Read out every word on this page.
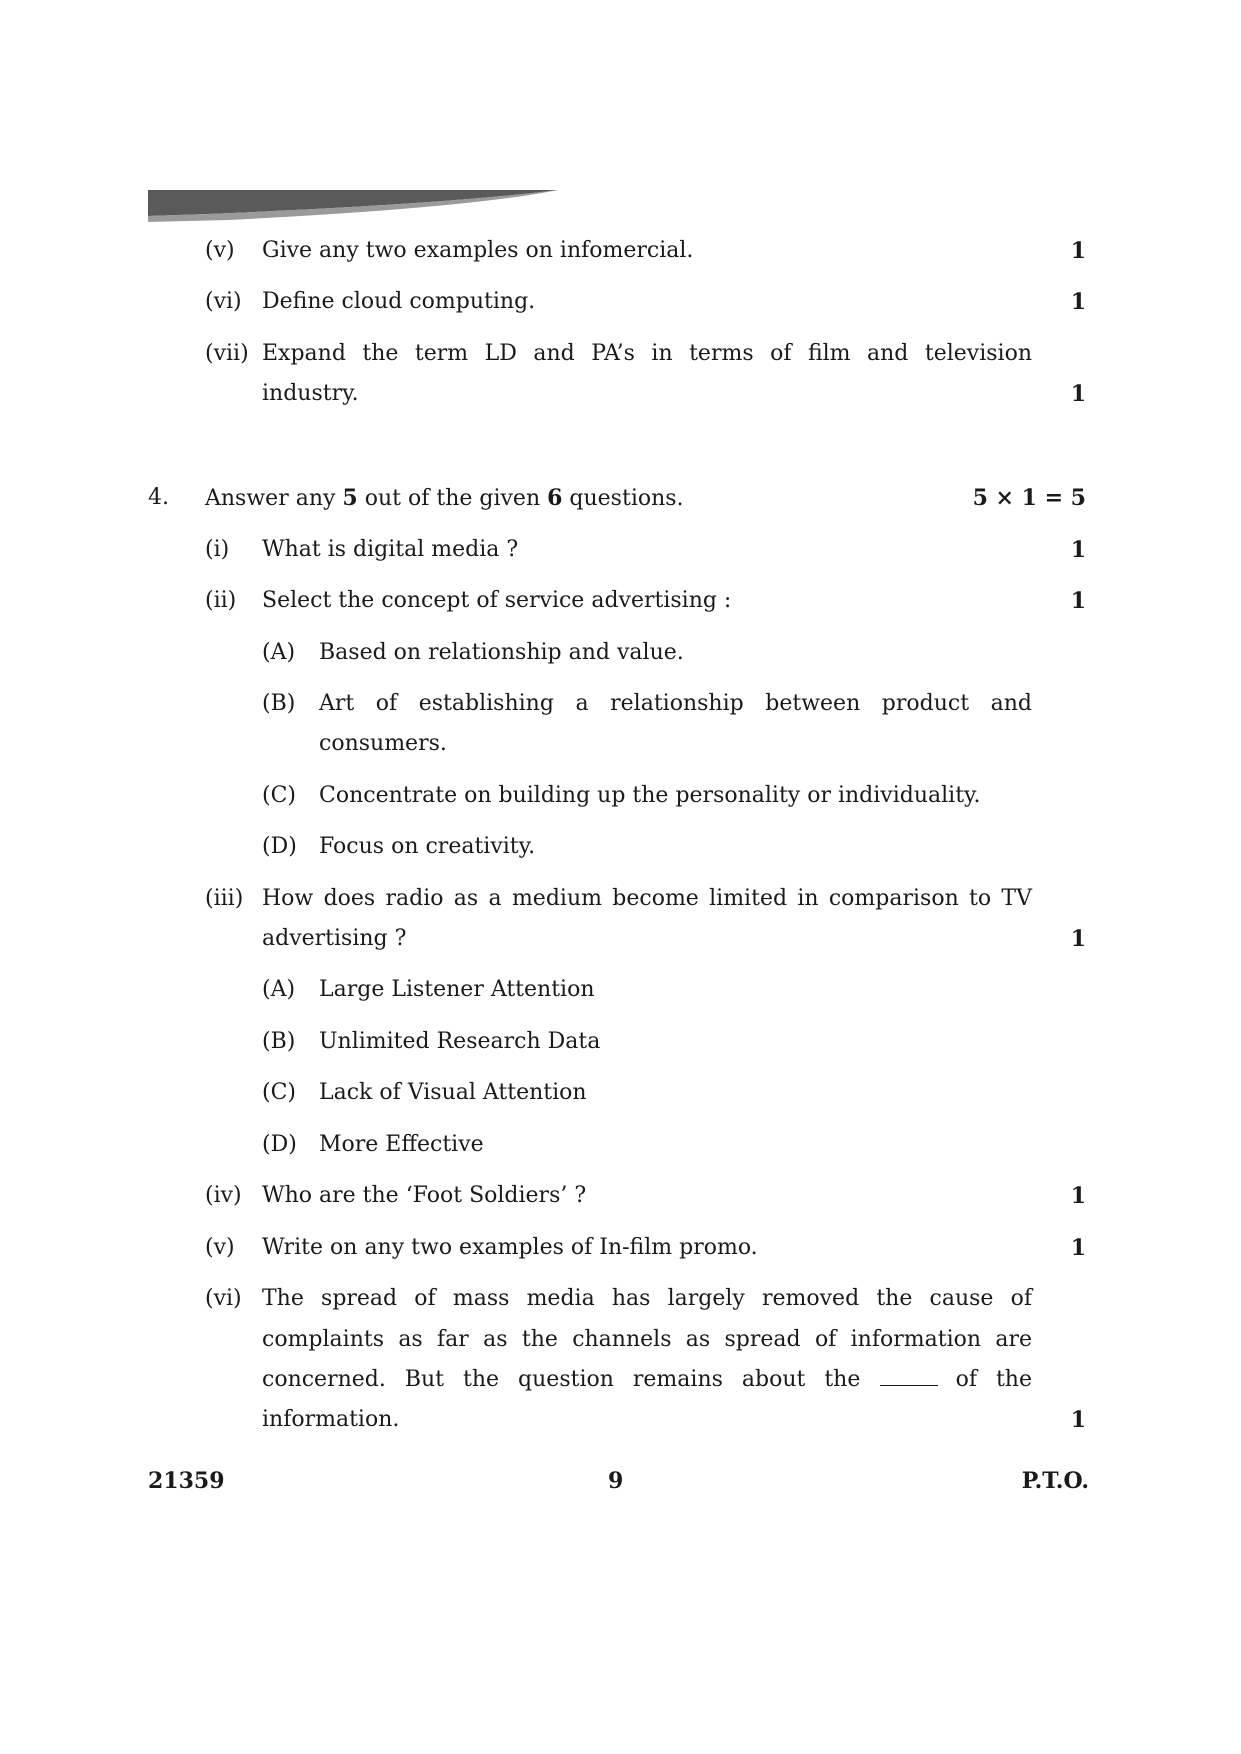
(v) Give any two examples on infomercial.	1
(vi) Define cloud computing.	1
(vii) Expand the term LD and PA’s in terms of film and television
industry.	1
4. Answer any 5 out of the given 6 questions.	5 × 1 = 5
(i) What is digital media ?	1
(ii) Select the concept of service advertising :	1
(A) Based on relationship and value.
(B) Art of establishing a relationship between product and
consumers.
(C) Concentrate on building up the personality or individuality.
(D) Focus on creativity.
(iii) How does radio as a medium become limited in comparison to TV
advertising ?	1
(A) Large Listener Attention
(B) Unlimited Research Data
(C) Lack of Visual Attention
(D) More Effective
(iv) Who are the ‘Foot Soldiers’ ?	1
(v) Write on any two examples of In-film promo.	1
(vi) The spread of mass media has largely removed the cause of
complaints as far as the channels as spread of information are
concerned. But the question remains about the	of the
information.	1
21359	9	P.T.O.
